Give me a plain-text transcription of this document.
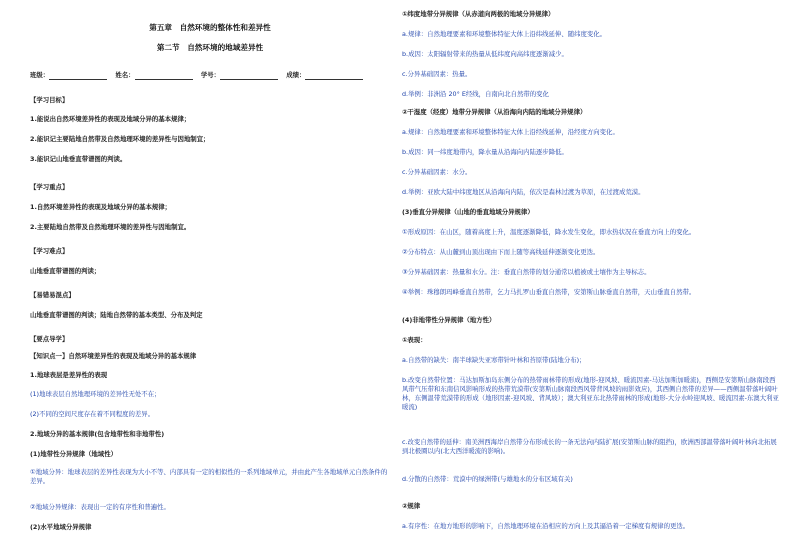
第五章　自然环境的整体性和差异性
第二节　自然环境的地域差异性
班级：	姓名：	学号：	成绩：
【学习目标】
1.能说出自然环境差异性的表现及地域分异的基本规律；
2.能识记主要陆地自然带及自然地理环境的差异性与因地制宜；
3.能识记山地垂直带谱图的判读。
【学习重点】
1.自然环境差异性的表现及地域分异的基本规律；
2.主要陆地自然带及自然地理环境的差异性与因地制宜。
【学习难点】
山地垂直带谱图的判读；
【易错易混点】
山地垂直带谱图的判读；陆地自然带的基本类型、分布及判定
【要点导学】
【知识点一】自然环境差异性的表现及地域分异的基本规律
1.地球表层是差异性的表现
(1)地球表层自然地理环境的差异性无处不在；
(2)不同的空间尺度存在着不同程度的差异。
2.地域分异的基本规律(包含地带性和非地带性)
(1)地带性分异规律（地域性）
①地域分异：地球表层的差异性表现为大小不等、内部具有一定的相似性的一系列地域单元，并由此产生各地域单元自然条件的差异。
②地域分异规律：表现出一定的有序性和普遍性。
(2)水平地域分异规律
①纬度地带分异规律（从赤道向两极的地域分异规律）
a.规律：自然地理要素和环境整体特征大体上沿纬线延伸、随纬度变化。
b.成因：太阳辐射带来的热量从低纬度向高纬度逐渐减少。
c.分异基础因素：热量。
d.举例：非洲沿 20° E经线，自南向北自然带的变化
②干湿度（经度）地带分异规律（从沿海向内陆的地域分异规律）
a.规律：自然地理要素和环境整体特征大体上沿经线延伸，沿经度方向变化。
b.成因：同一纬度地带内，降水量从沿海向内陆逐步降低。
c.分异基础因素：水分。
d.举例：亚欧大陆中纬度地区从沿海向内陆，依次是森林过渡为草原，在过渡成荒漠。
(3)垂直分异规律（山地的垂直地域分异规律）
①形成原因：在山区，随着高度上升，温度逐渐降低，降水发生变化，即水热状况在垂直方向上的变化。
②分布特点：从山麓到山顶出现由下而上随等高线延伸逐渐变化更迭。
③分异基础因素：热量和水分。注：垂直自然带的划分通常以植被或土壤作为主导标志。
④举例：珠穆朗玛峰垂直自然带，乞力马扎罗山垂直自然带，安第斯山脉垂直自然带，天山垂直自然带。
(4)非地带性分异规律（地方性）
①表现：
a.自然带的缺失：南半球缺失亚寒带针叶林和苔原带(陆地分布)；
b.改变自然带位置：马达加斯加岛东侧分布的热带雨林带的形成(地形-迎风坡、暖流因素-马达加斯加暖流)，西侧是安第斯山脉南段西风带气压带和东南信风影响形成的热带荒漠带(安第斯山脉南段西风带背风坡的雨影效应)，其西侧自然带的差异——西侧温带落叶阔叶林，东侧温带荒漠带的形成（地形因素-迎风坡、背风坡）；澳大利亚东北热带雨林的形成(地形-大分水岭迎风坡、暖流因素-东澳大利亚暖流)
c.改变自然带的延伸：南美洲西海岸自然带分布形成长的一条无法向内陆扩展(安第斯山脉的阻挡)，欧洲西部温带落叶阔叶林向北拓展到北极圈以内(北大西洋暖流的影响)。
d.分散的自然带：荒漠中的绿洲带(与雄地水的分布区域有关)
②规律
a.有序性：在地方地形的影响下，自然地理环境在沿相应的方向上及其逼沿着一定梯度有规律的更迭。
